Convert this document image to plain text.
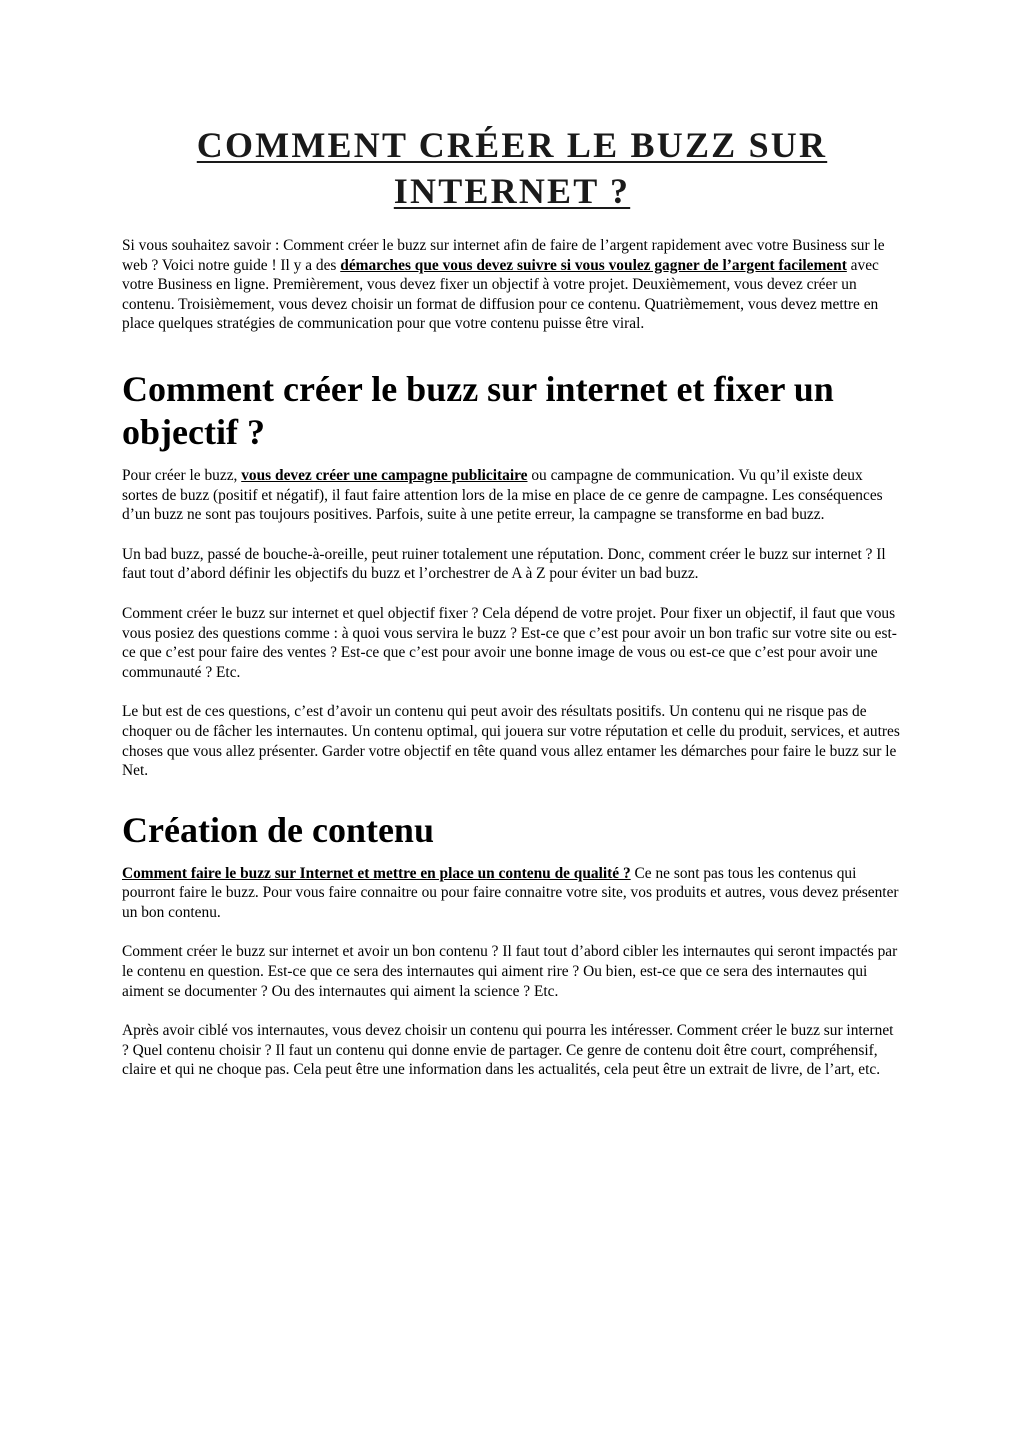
COMMENT CRÉER LE BUZZ SUR INTERNET ?

Si vous souhaitez savoir : Comment créer le buzz sur internet afin de faire de l’argent rapidement avec votre Business sur le web ? Voici notre guide ! Il y a des démarches que vous devez suivre si vous voulez gagner de l’argent facilement avec votre Business en ligne. Premièrement, vous devez fixer un objectif à votre projet. Deuxièmement, vous devez créer un contenu. Troisièmement, vous devez choisir un format de diffusion pour ce contenu. Quatrièmement, vous devez mettre en place quelques stratégies de communication pour que votre contenu puisse être viral.

Comment créer le buzz sur internet et fixer un objectif ?

Pour créer le buzz, vous devez créer une campagne publicitaire ou campagne de communication. Vu qu’il existe deux sortes de buzz (positif et négatif), il faut faire attention lors de la mise en place de ce genre de campagne. Les conséquences d’un buzz ne sont pas toujours positives. Parfois, suite à une petite erreur, la campagne se transforme en bad buzz.

Un bad buzz, passé de bouche-à-oreille, peut ruiner totalement une réputation. Donc, comment créer le buzz sur internet ? Il faut tout d’abord définir les objectifs du buzz et l’orchestrer de A à Z pour éviter un bad buzz.

Comment créer le buzz sur internet et quel objectif fixer ? Cela dépend de votre projet. Pour fixer un objectif, il faut que vous vous posiez des questions comme : à quoi vous servira le buzz ? Est-ce que c’est pour avoir un bon trafic sur votre site ou est-ce que c’est pour faire des ventes ? Est-ce que c’est pour avoir une bonne image de vous ou est-ce que c’est pour avoir une communauté ? Etc.

Le but est de ces questions, c’est d’avoir un contenu qui peut avoir des résultats positifs. Un contenu qui ne risque pas de choquer ou de fâcher les internautes. Un contenu optimal, qui jouera sur votre réputation et celle du produit, services, et autres choses que vous allez présenter. Garder votre objectif en tête quand vous allez entamer les démarches pour faire le buzz sur le Net.

Création de contenu

Comment faire le buzz sur Internet et mettre en place un contenu de qualité ? Ce ne sont pas tous les contenus qui pourront faire le buzz. Pour vous faire connaitre ou pour faire connaitre votre site, vos produits et autres, vous devez présenter un bon contenu.

Comment créer le buzz sur internet et avoir un bon contenu ? Il faut tout d’abord cibler les internautes qui seront impactés par le contenu en question. Est-ce que ce sera des internautes qui aiment rire ? Ou bien, est-ce que ce sera des internautes qui aiment se documenter ? Ou des internautes qui aiment la science ? Etc.

Après avoir ciblé vos internautes, vous devez choisir un contenu qui pourra les intéresser. Comment créer le buzz sur internet ? Quel contenu choisir ? Il faut un contenu qui donne envie de partager. Ce genre de contenu doit être court, compréhensif, claire et qui ne choque pas. Cela peut être une information dans les actualités, cela peut être un extrait de livre, de l’art, etc.
